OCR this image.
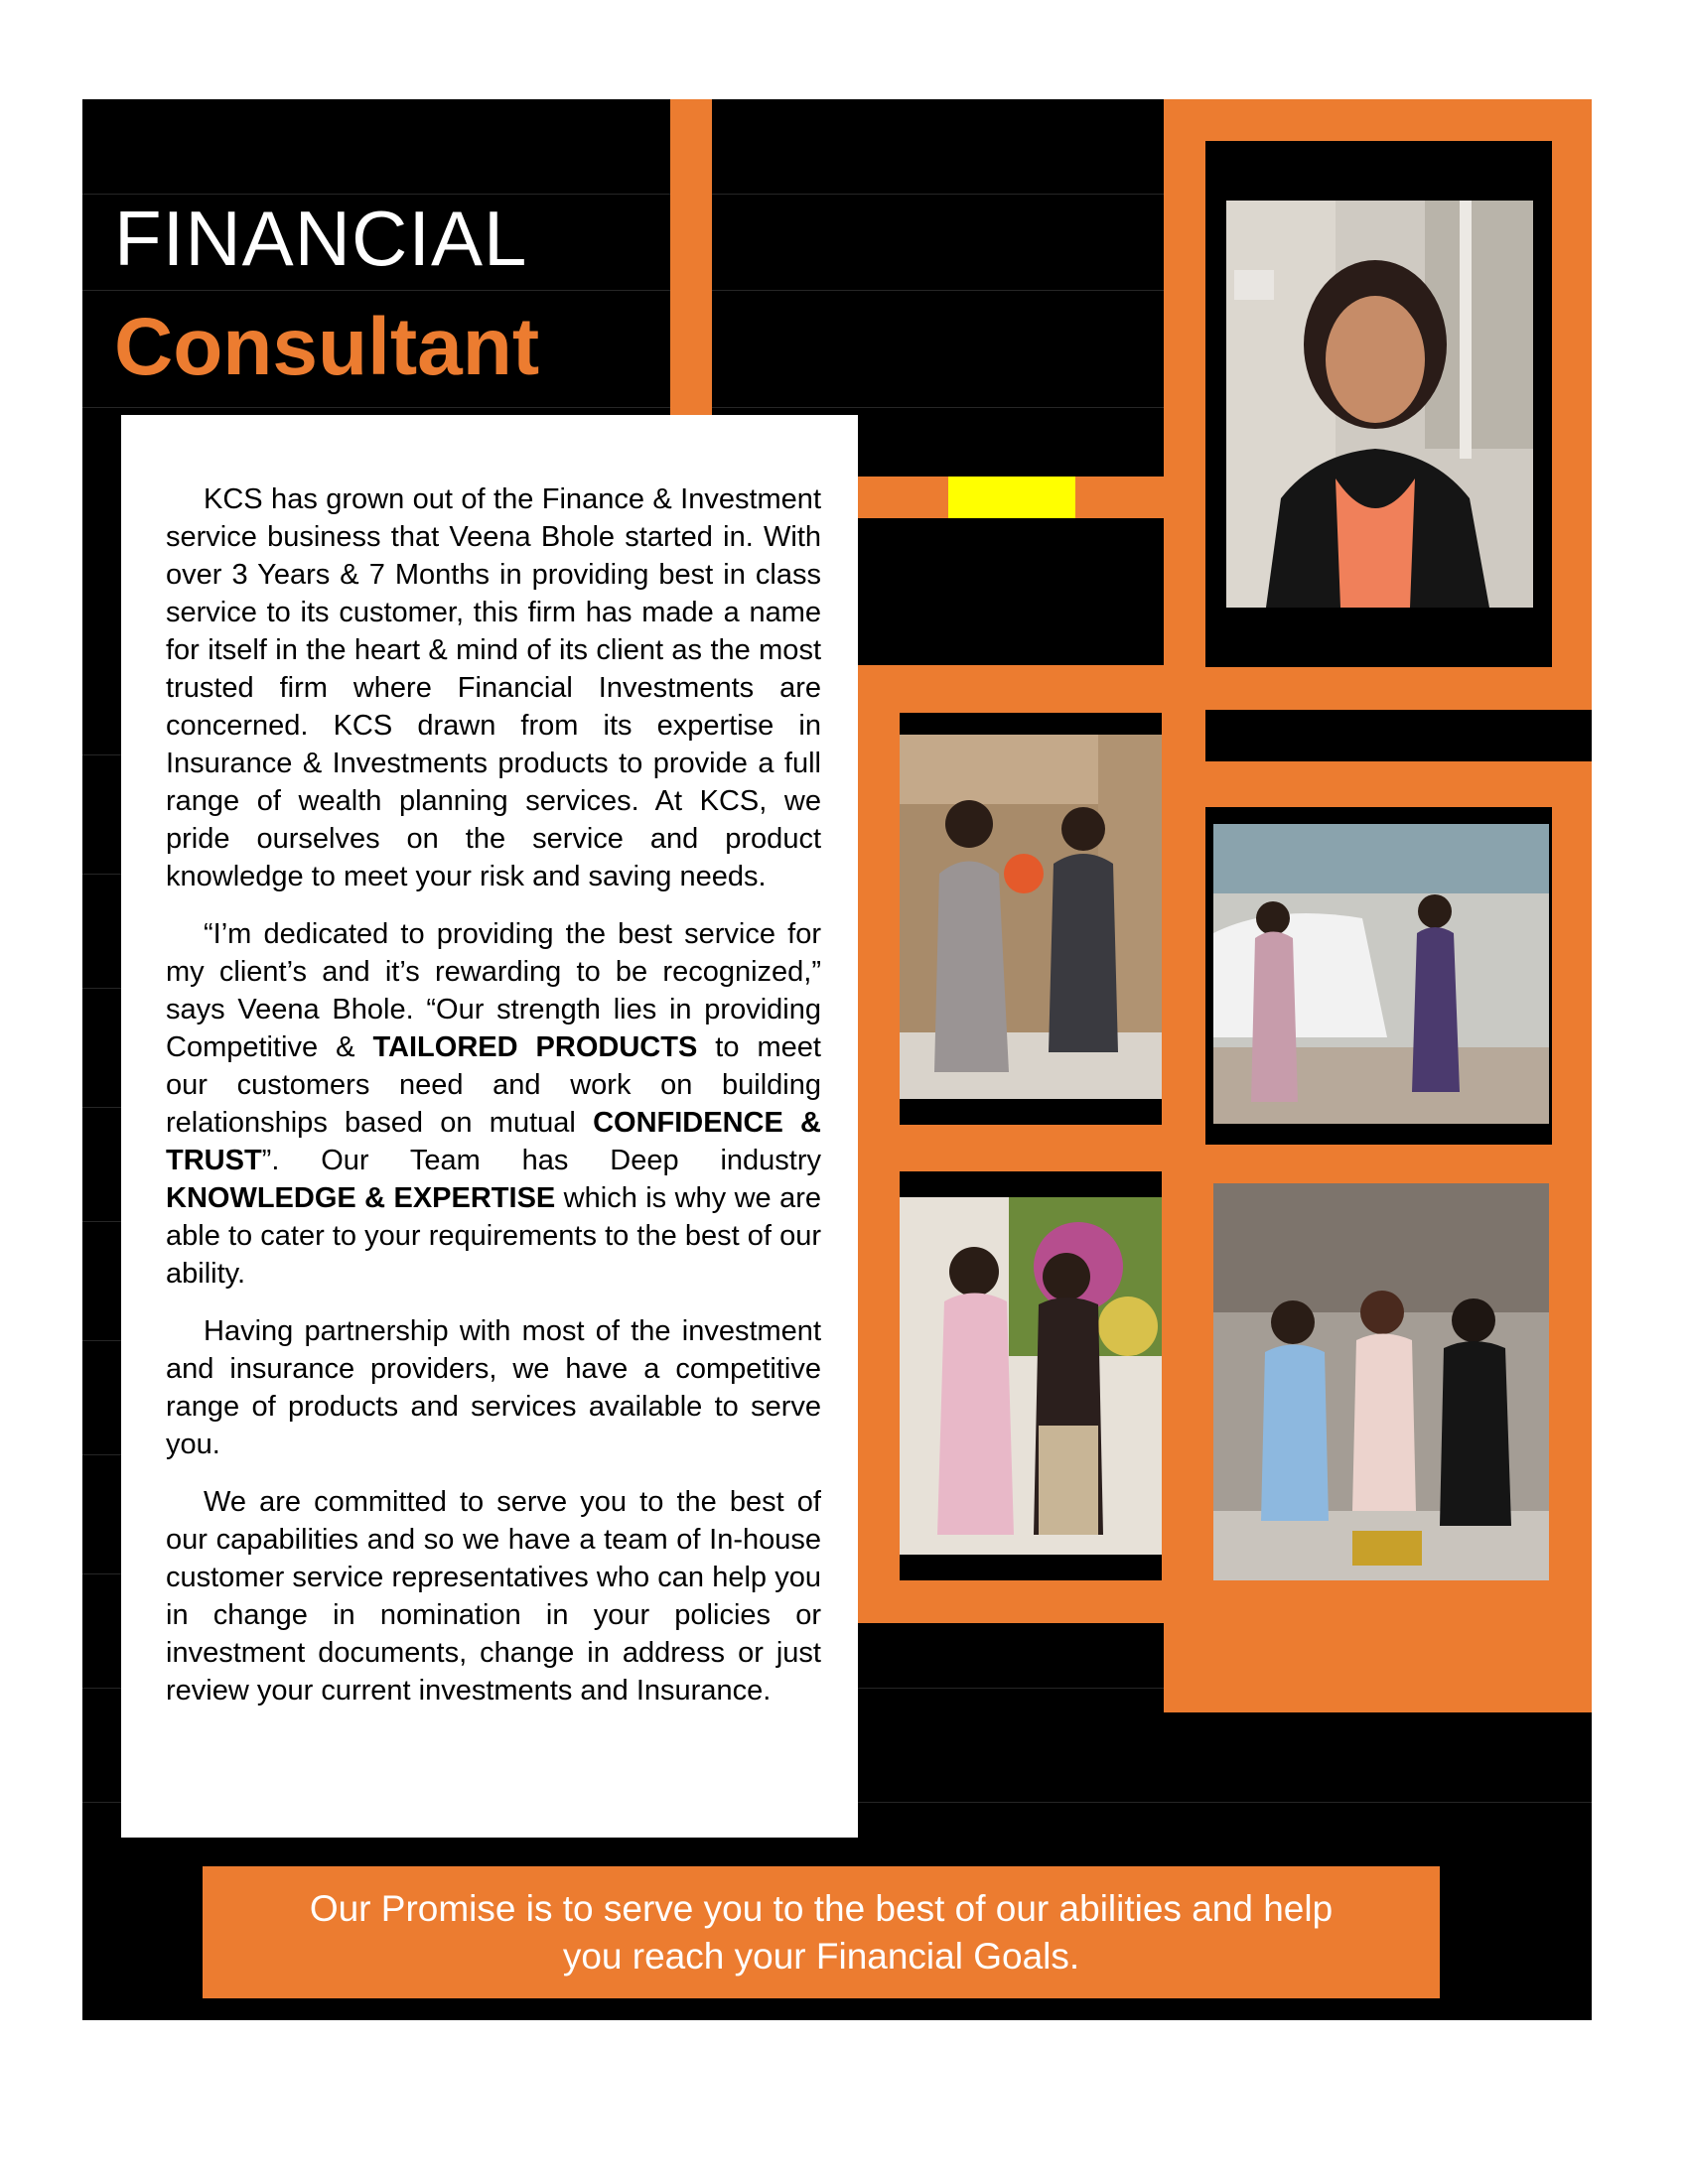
FINANCIAL
Consultant

KCS has grown out of the Finance & Investment service business that Veena Bhole started in. With over 3 Years & 7 Months in providing best in class service to its customer, this firm has made a name for itself in the heart & mind of its client as the most trusted firm where Financial Investments are concerned. KCS drawn from its expertise in Insurance & Investments products to provide a full range of wealth planning services. At KCS, we pride ourselves on the service and product knowledge to meet your risk and saving needs.

“I’m dedicated to providing the best service for my client’s and it’s rewarding to be recognized,” says Veena Bhole. “Our strength lies in providing Competitive & TAILORED PRODUCTS to meet our customers need and work on building relationships based on mutual CONFIDENCE & TRUST”. Our Team has Deep industry KNOWLEDGE & EXPERTISE which is why we are able to cater to your requirements to the best of our ability.

Having partnership with most of the investment and insurance providers, we have a competitive range of products and services available to serve you.

We are committed to serve you to the best of our capabilities and so we have a team of In-house customer service representatives who can help you in change in nomination in your policies or investment documents, change in address or just review your current investments and Insurance.

Our Promise is to serve you to the best of our abilities and help you reach your Financial Goals.
